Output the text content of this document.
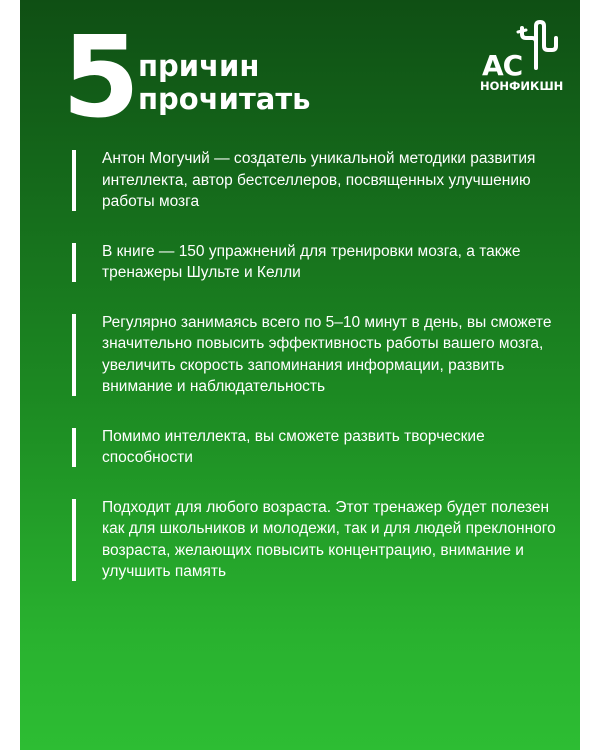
5 причин
прочитать
АС
НОНФИКШН
Антон Могучий — создатель уникальной методики развития интеллекта, автор бестселлеров, посвященных улучшению работы мозга
В книге — 150 упражнений для тренировки мозга, а также тренажеры Шульте и Келли
Регулярно занимаясь всего по 5–10 минут в день, вы сможете значительно повысить эффективность работы вашего мозга, увеличить скорость запоминания информации, развить внимание и наблюдательность
Помимо интеллекта, вы сможете развить творческие способности
Подходит для любого возраста. Этот тренажер будет полезен как для школьников и молодежи, так и для людей преклонного возраста, желающих повысить концентрацию, внимание и улучшить память
